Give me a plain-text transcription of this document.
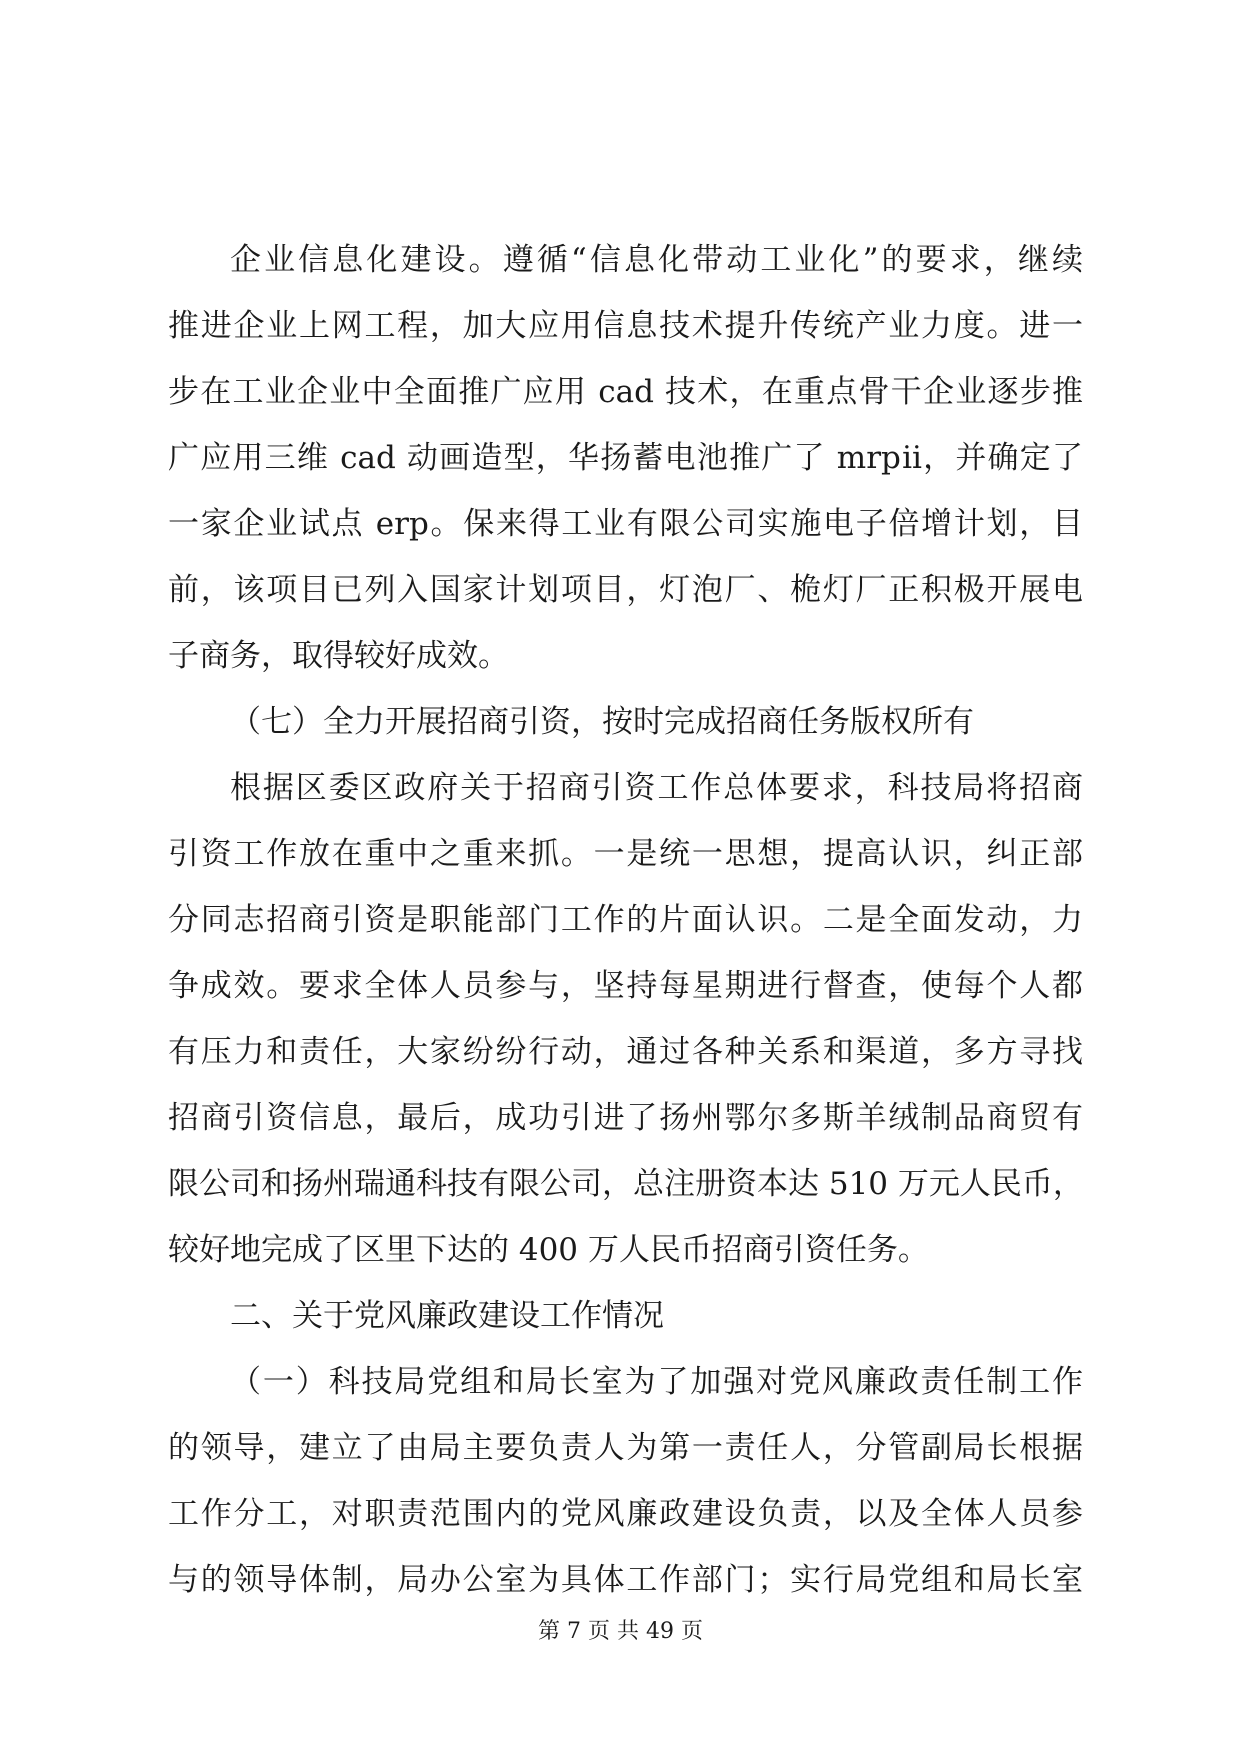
企业信息化建设。遵循“信息化带动工业化”的要求，继续
推进企业上网工程，加大应用信息技术提升传统产业力度。进一
步在工业企业中全面推广应用 cad 技术，在重点骨干企业逐步推
广应用三维 cad 动画造型，华扬蓄电池推广了 mrpⅱ，并确定了
一家企业试点 erp。保来得工业有限公司实施电子倍增计划，目
前，该项目已列入国家计划项目，灯泡厂、桅灯厂正积极开展电
子商务，取得较好成效。
（七）全力开展招商引资，按时完成招商任务版权所有
根据区委区政府关于招商引资工作总体要求，科技局将招商
引资工作放在重中之重来抓。一是统一思想，提高认识，纠正部
分同志招商引资是职能部门工作的片面认识。二是全面发动，力
争成效。要求全体人员参与，坚持每星期进行督查，使每个人都
有压力和责任，大家纷纷行动，通过各种关系和渠道，多方寻找
招商引资信息，最后，成功引进了扬州鄂尔多斯羊绒制品商贸有
限公司和扬州瑞通科技有限公司，总注册资本达 510 万元人民币，
较好地完成了区里下达的 400 万人民币招商引资任务。
二、关于党风廉政建设工作情况
（一）科技局党组和局长室为了加强对党风廉政责任制工作
的领导，建立了由局主要负责人为第一责任人，分管副局长根据
工作分工，对职责范围内的党风廉政建设负责，以及全体人员参
与的领导体制，局办公室为具体工作部门；实行局党组和局长室
第 7 页 共 49 页
